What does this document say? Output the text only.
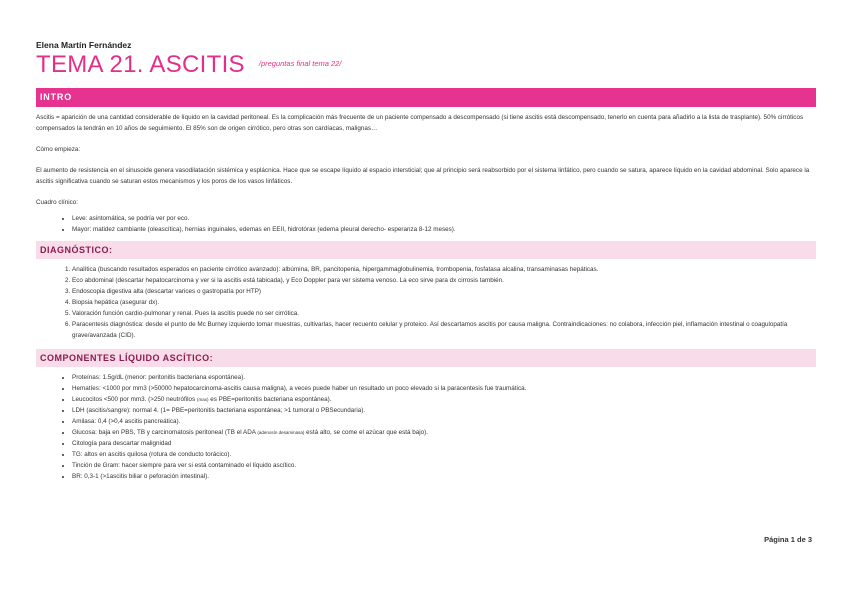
Elena Martín Fernández
TEMA 21. ASCITIS /preguntas final tema 22/
INTRO

Ascitis = aparición de una cantidad considerable de líquido en la cavidad peritoneal. Es la complicación más frecuente de un paciente compensado a descompensado (si tiene ascitis está descompensado, tenerlo en cuenta para añadirlo a la lista de trasplante). 50% cirróticos compensados la tendrán en 10 años de seguimiento. El 85% son de origen cirrótico, pero otras son cardíacas, malignas…

Cómo empieza:

El aumento de resistencia en el sinusoide genera vasodilatación sistémica y esplácnica. Hace que se escape líquido al espacio intersticial; que al principio será reabsorbido por el sistema linfático, pero cuando se satura, aparece líquido en la cavidad abdominal. Solo aparece la ascitis significativa cuando se saturan estos mecanismos y los poros de los vasos linfáticos.

Cuadro clínico:

• Leve: asintomática, se podría ver por eco.
• Mayor: matidez cambiante (oleascítica), hernias inguinales, edemas en EEII, hidrotórax (edema pleural derecho- esperanza 8-12 meses).
DIAGNÓSTICO:
1. Analítica (buscando resultados esperados en paciente cirrótico avanzado): albúmina, BR, pancitopenia, hipergammaglobulinemia, trombopenia, fosfatasa alcalina, transaminasas hepáticas.
2. Eco abdominal (descartar hepatocarcinoma y ver si la ascitis está tabicada), y Eco Doppler para ver sistema venoso. La eco sirve para dx cirrosis también.
3. Endoscopia digestiva alta (descartar varices o gastropatía por HTP)
4. Biopsia hepática (asegurar dx).
5. Valoración función cardio-pulmonar y renal. Pues la ascitis puede no ser cirrótica.
6. Paracentesis diagnóstica: desde el punto de Mc Burney izquierdo tomar muestras, cultivarlas, hacer recuento celular y proteico. Así descartamos ascitis por causa maligna. Contraindicaciones: no colabora, infección piel, inflamación intestinal o coagulopatía grave/avanzada (CID).
COMPONENTES LÍQUIDO ASCÍTICO:
• Proteínas: 1.5g/dL (menor: peritonitis bacteriana espontánea).
• Hematíes: <1000 por mm3 (>50000 hepatocarcinoma-ascitis causa maligna), a veces puede haber un resultado un poco elevado si la paracentesis fue traumática.
• Leucocitos <500 por mm3. (>250 neutrófilos (max) es PBE=peritonitis bacteriana espontánea).
• LDH (ascitis/sangre): normal 4. (1= PBE=peritonitis bacteriana espontánea; >1 tumoral o PBSecundaria).
• Amilasa: 0,4 (>0,4 ascitis pancreática).
• Glucosa: baja en PBS, TB y carcinomatosis peritoneal (TB el ADA (adenosín desaminasa) está alto, se come el azúcar que está bajo).
• Citología para descartar malignidad
• TG: altos en ascitis quilosa (rotura de conducto torácico).
• Tinción de Gram: hacer siempre para ver si está contaminado el líquido ascítico.
• BR: 0,3-1 (>1ascitis biliar o peforación intestinal).
Página 1 de 3
